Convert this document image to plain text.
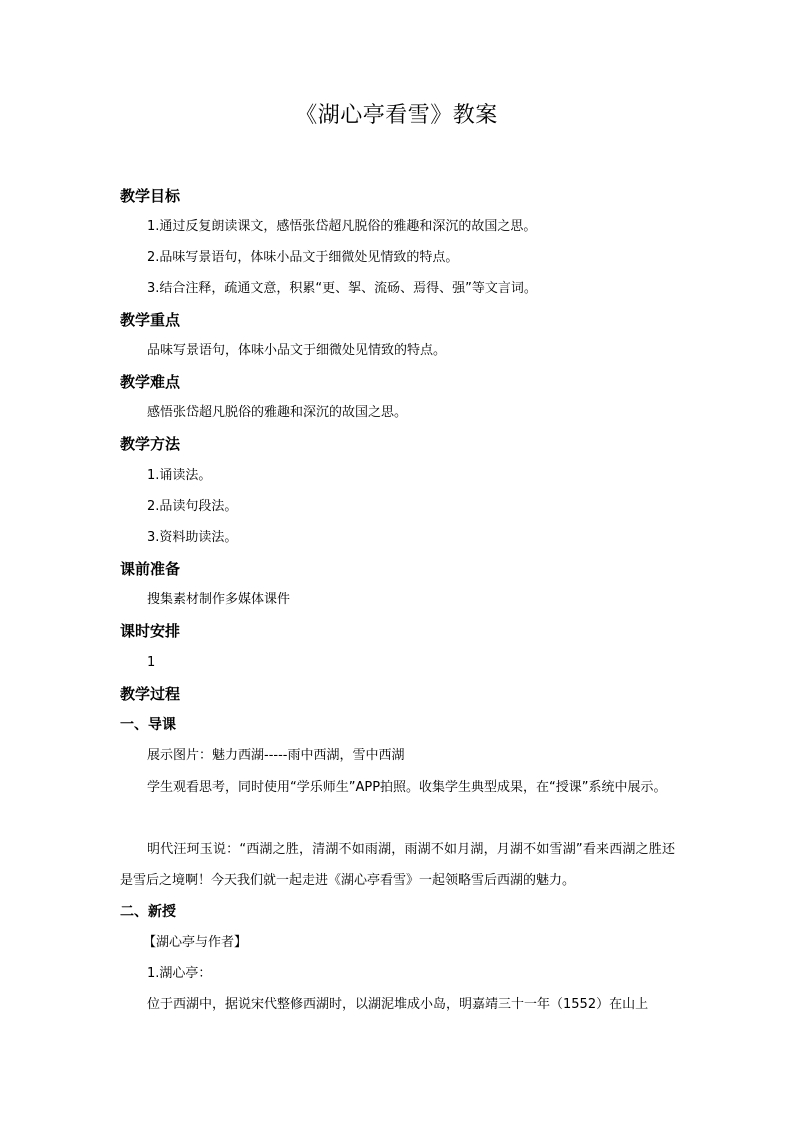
《湖心亭看雪》教案
教学目标
1.通过反复朗读课文，感悟张岱超凡脱俗的雅趣和深沉的故国之思。
2.品味写景语句，体味小品文于细微处见情致的特点。
3.结合注释，疏通文意，积累“更、挐、流砀、焉得、强”等文言词。
教学重点
品味写景语句，体味小品文于细微处见情致的特点。
教学难点
感悟张岱超凡脱俗的雅趣和深沉的故国之思。
教学方法
1.诵读法。
2.品读句段法。
3.资料助读法。
课前准备
搜集素材制作多媒体课件
课时安排
1
教学过程
一、导课
展示图片：魅力西湖-----雨中西湖，雪中西湖
学生观看思考，同时使用“学乐师生”APP拍照。收集学生典型成果，在“授课”系统中展示。
明代汪珂玉说：“西湖之胜，清湖不如雨湖，雨湖不如月湖，月湖不如雪湖”看来西湖之胜还是雪后之境啊！今天我们就一起走进《湖心亭看雪》一起领略雪后西湖的魅力。
二、新授
【湖心亭与作者】
1.湖心亭：
位于西湖中，据说宋代整修西湖时，以湖泥堆成小岛，明嘉靖三十一年（1552）在山上
